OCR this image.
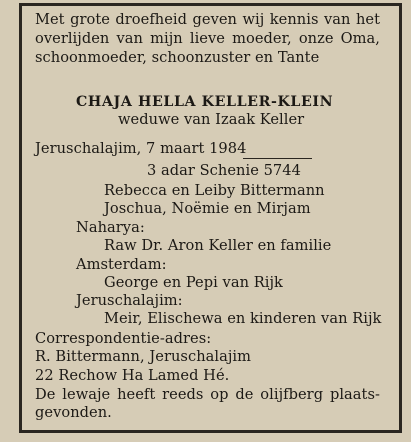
Met grote droefheid geven wij kennis van het
overlijden van mijn lieve moeder, onze Oma,
schoonmoeder, schoonzuster en Tante
CHAJA HELLA KELLER-KLEIN
weduwe van Izaak Keller
Jeruschalajim, 7 maart 1984
3 adar Schenie 5744
Rebecca en Leiby Bittermann
Joschua, Noëmie en Mirjam
Naharya:
Raw Dr. Aron Keller en familie
Amsterdam:
George en Pepi van Rijk
Jeruschalajim:
Meir, Elischewa en kinderen van Rijk
Correspondentie-adres:
R. Bittermann, Jeruschalajim
22 Rechow Ha Lamed Hé.
De lewaje heeft reeds op de olijfberg plaats-
gevonden.
